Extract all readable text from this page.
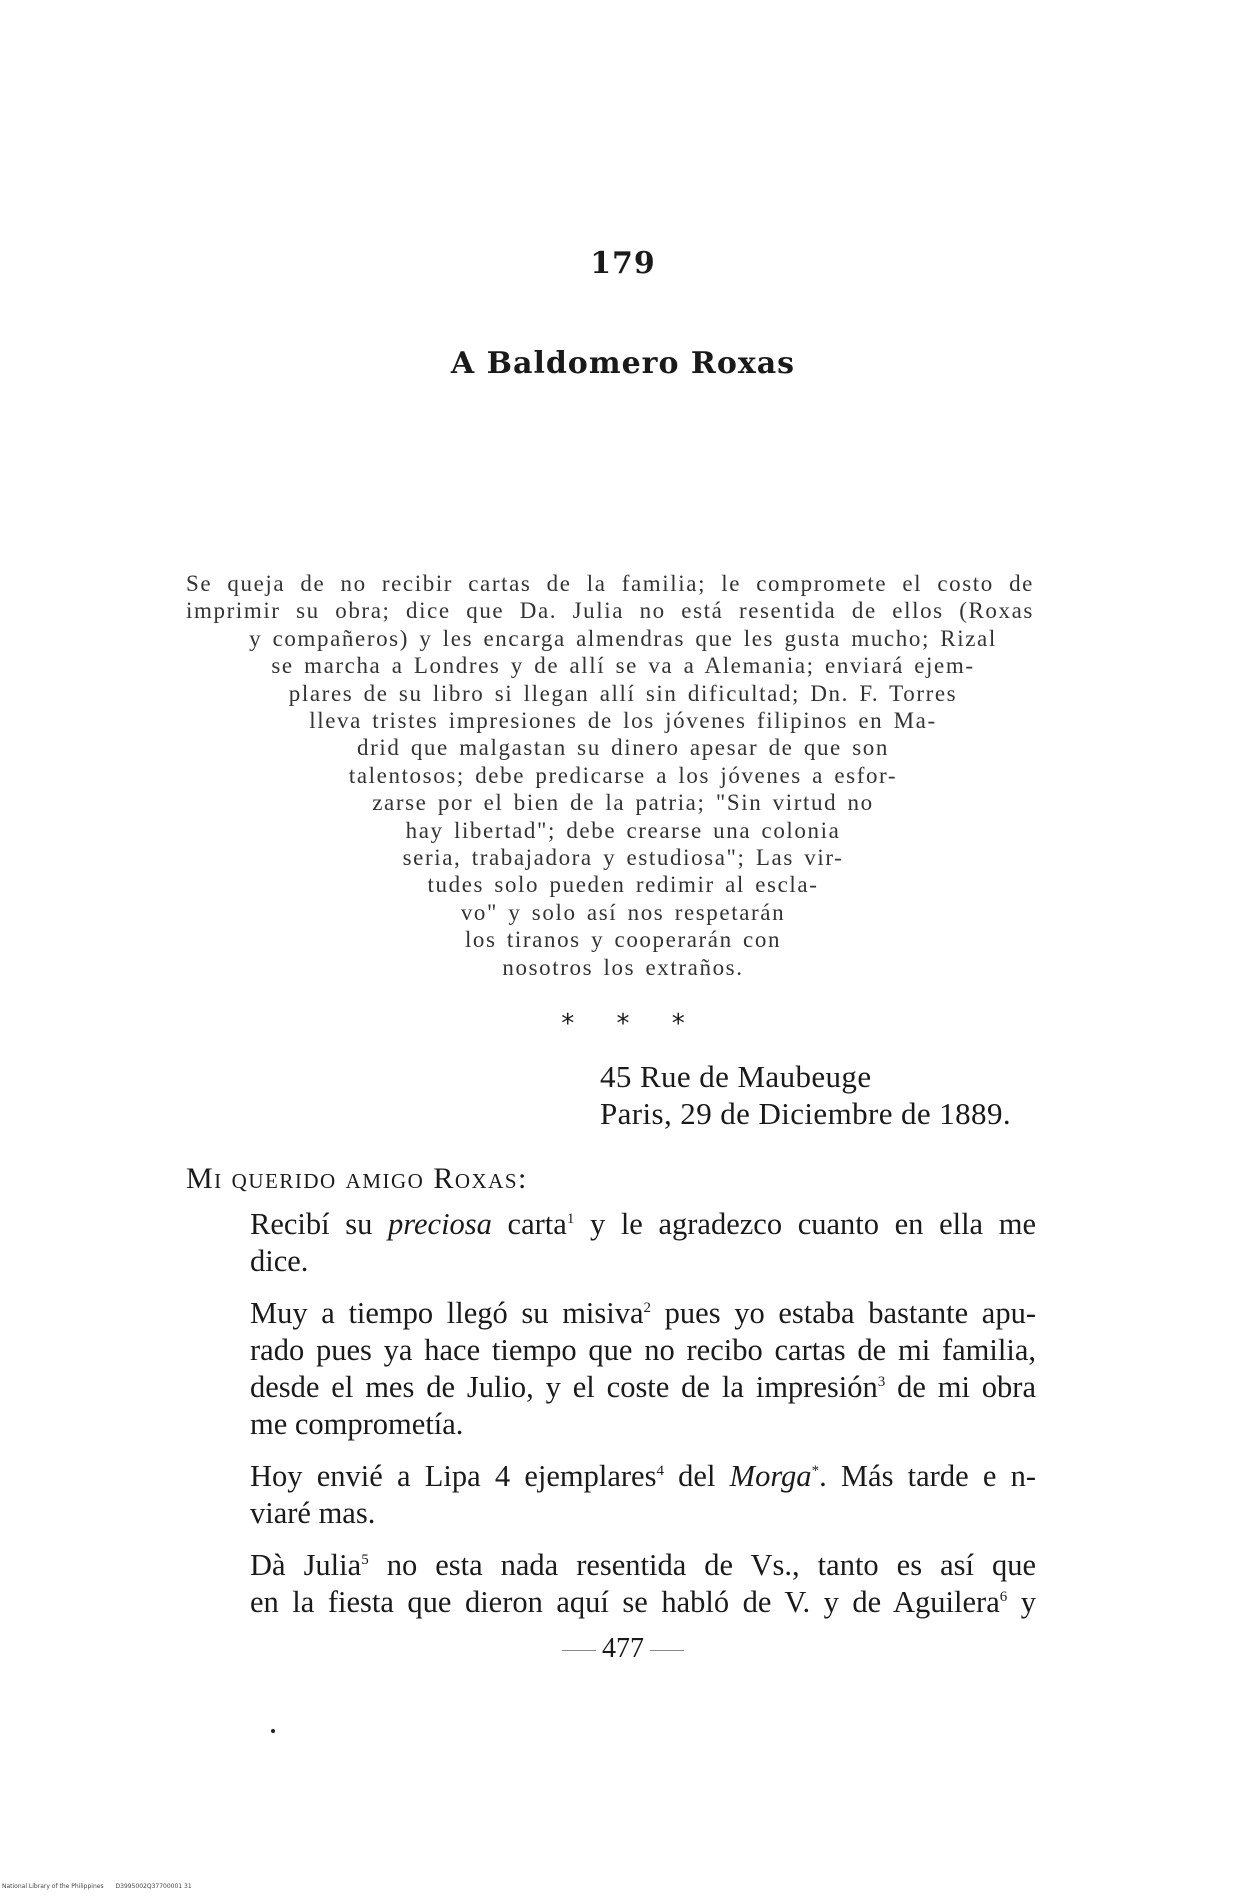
179
A Baldomero Roxas
Se queja de no recibir cartas de la familia; le compromete el costo de
imprimir su obra; dice que Da. Julia no está resentida de ellos (Roxas
y compañeros) y les encarga almendras que les gusta mucho; Rizal
se marcha a Londres y de allí se va a Alemania; enviará ejem-
plares de su libro si llegan allí sin dificultad; Dn. F. Torres
lleva tristes impresiones de los jóvenes filipinos en Ma-
drid que malgastan su dinero apesar de que son
talentosos; debe predicarse a los jóvenes a esfor-
zarse por el bien de la patria; "Sin virtud no
hay libertad"; debe crearse una colonia
seria, trabajadora y estudiosa"; Las vir-
tudes solo pueden redimir al escla-
vo" y solo así nos respetarán
los tiranos y cooperarán con
nosotros los extraños.
* * *
45 Rue de Maubeuge
Paris, 29 de Diciembre de 1889.
Mi querido amigo Roxas:

Recibí su preciosa carta$^1$ y le agradezco cuanto en ella me
dice.

Muy a tiempo llegó su misiva$^2$ pues yo estaba bastante apu-
rado pues ya hace tiempo que no recibo cartas de mi familia,
desde el mes de Julio, y el coste de la impresión$^3$ de mi obra
me comprometía.

Hoy envié a Lipa 4 ejemplares$^4$ del Morga*. Más tarde e n-
viaré mas.

Dà Julia$^5$ no esta nada resentida de Vs., tanto es así que
en la fiesta que dieron aquí se habló de V. y de Aguilera$^6$ y

477
National Library of the Philippines D3995002Q37700001 31
